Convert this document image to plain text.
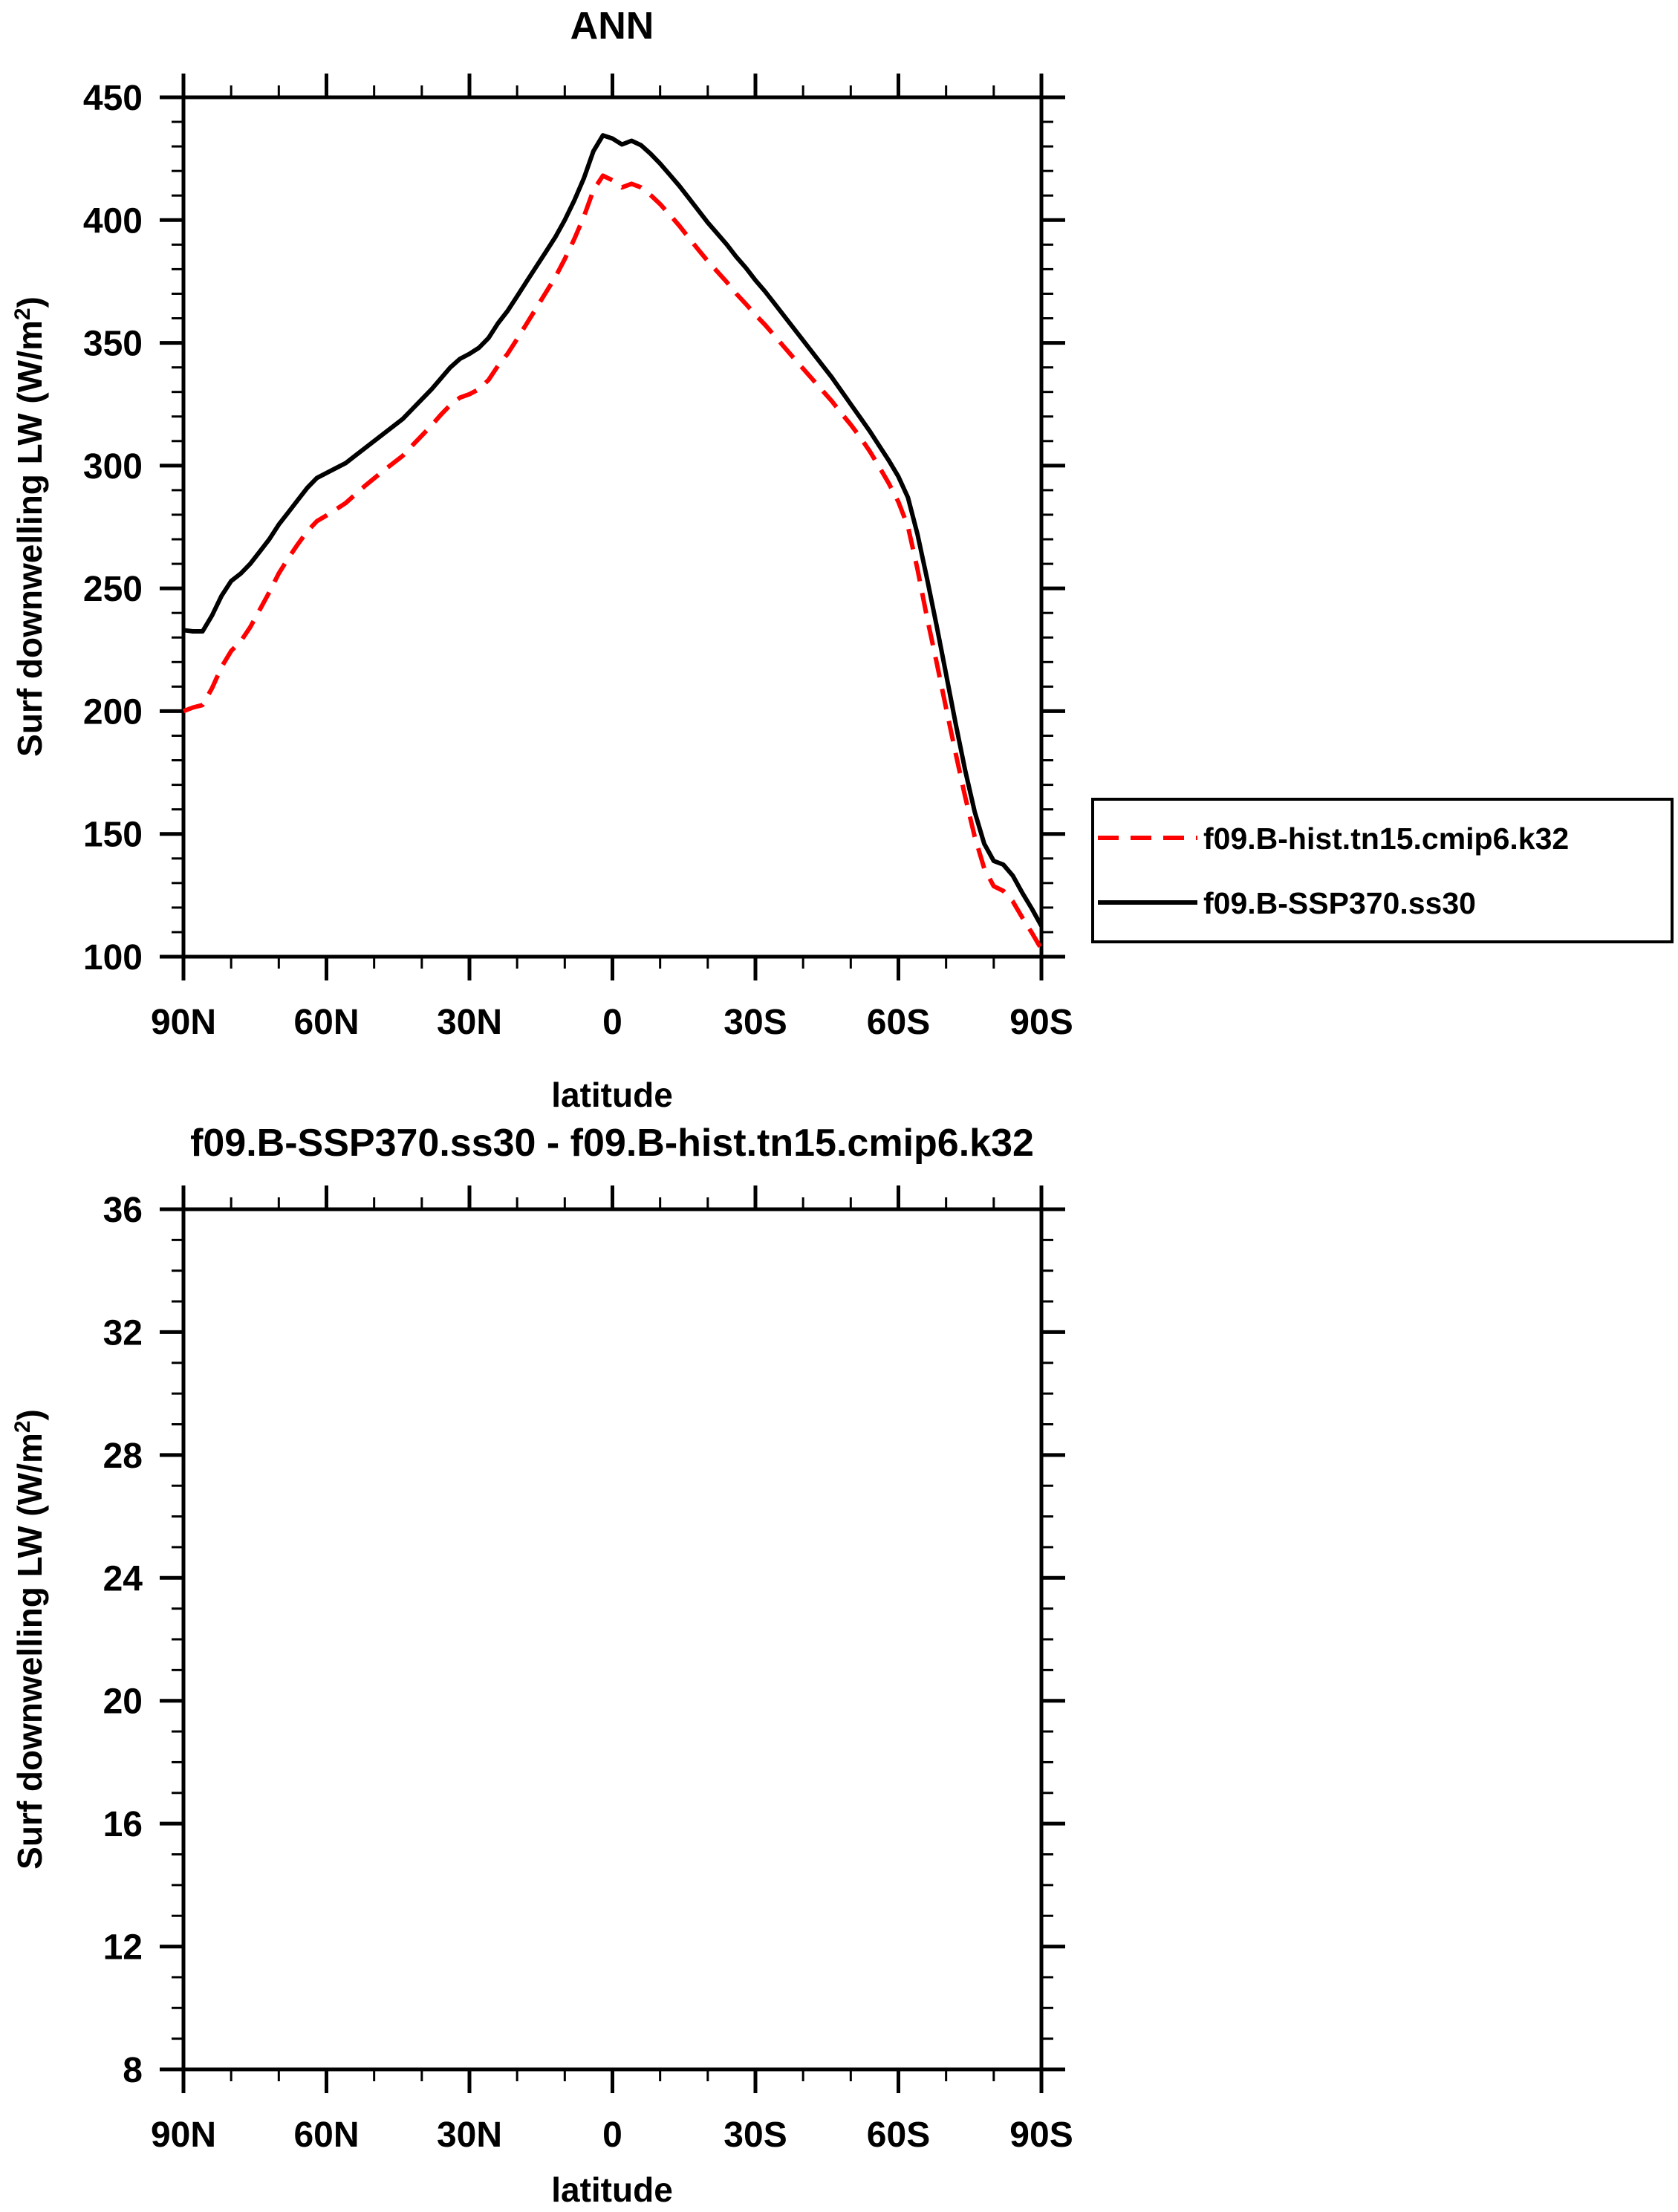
ANN
90N 60N 30N	0	30S 60S 90S
450
400
350
300
250
200
150
100
Surf downwelling LW $(W/m^2)$
latitude
f09.B-hist.tn15.cmip6.k32
f09.B-SSP370.ss30
f09.B-SSP370.ss30 - f09.B-hist.tn15.cmip6.k32
90N 60N 30N	0	30S 60S 90S
36
32
28
24
20
16
12
8
Surf downwelling LW $(W/m^2)$
latitude
